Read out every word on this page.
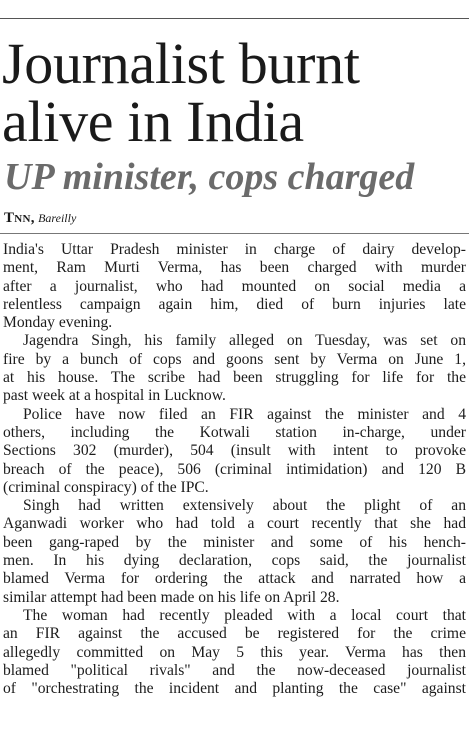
Journalist burnt alive in India
UP minister, cops charged
Tnn, Bareilly
India's Uttar Pradesh minister in charge of dairy develop-
ment, Ram Murti Verma, has been charged with murder
after a journalist, who had mounted on social media a
relentless campaign again him, died of burn injuries late
Monday evening.
Jagendra Singh, his family alleged on Tuesday, was set on
fire by a bunch of cops and goons sent by Verma on June 1,
at his house. The scribe had been struggling for life for the
past week at a hospital in Lucknow.
Police have now filed an FIR against the minister and 4
others, including the Kotwali station in-charge, under
Sections 302 (murder), 504 (insult with intent to provoke
breach of the peace), 506 (criminal intimidation) and 120 B
(criminal conspiracy) of the IPC.
Singh had written extensively about the plight of an
Aganwadi worker who had told a court recently that she had
been gang-raped by the minister and some of his hench-
men. In his dying declaration, cops said, the journalist
blamed Verma for ordering the attack and narrated how a
similar attempt had been made on his life on April 28.
The woman had recently pleaded with a local court that
an FIR against the accused be registered for the crime
allegedly committed on May 5 this year. Verma has then
blamed "political rivals" and the now-deceased journalist
of "orchestrating the incident and planting the case" against
